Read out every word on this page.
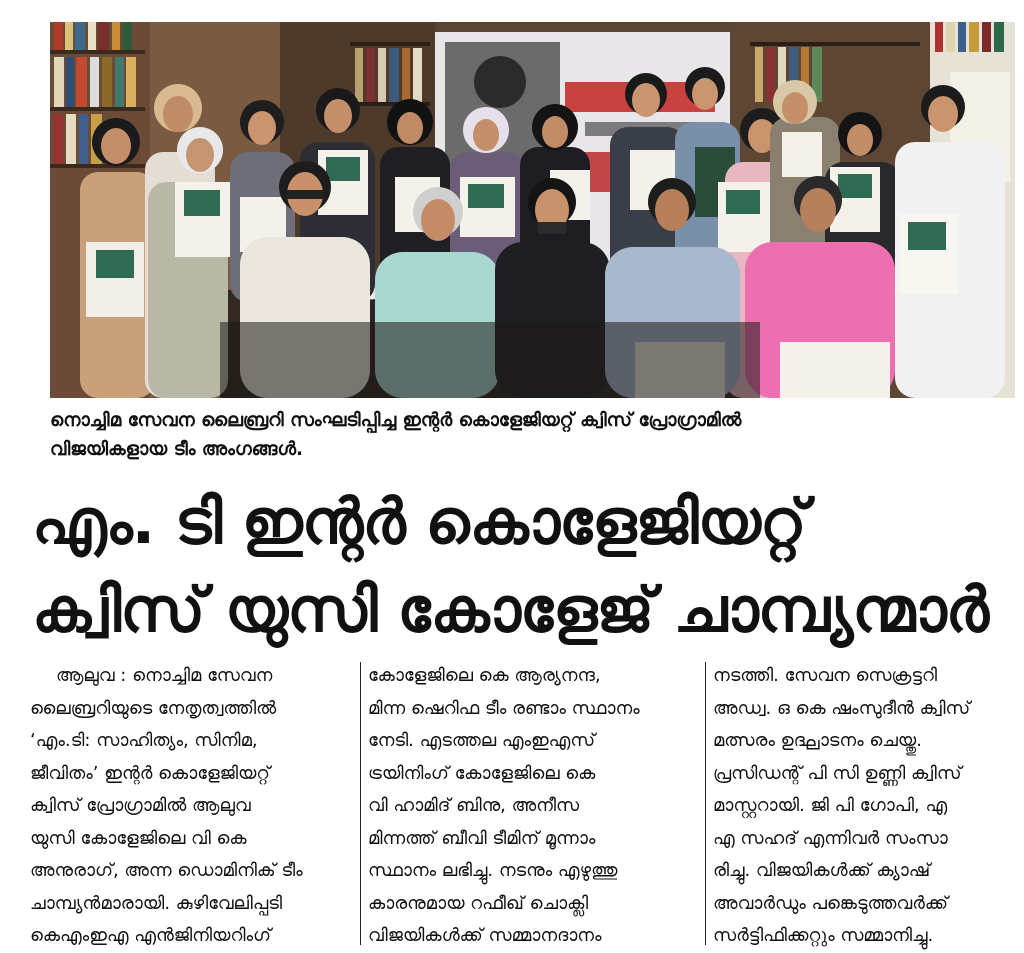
നൊച്ചിമ സേവന ലൈബ്രറി സംഘടിപ്പിച്ച ഇന്റർ കൊളേജിയറ്റ് ക്വിസ് പ്രോഗ്രാമിൽ
വിജയികളായ ടീം അംഗങ്ങൾ.
എം. ടി ഇന്റർ കൊളേജിയറ്റ്
ക്വിസ് യുസി കോളേജ് ചാമ്പ്യന്മാർ
ആലുവ : നൊച്ചിമ സേവന
ലൈബ്രറിയുടെ നേതൃത്വത്തിൽ
‘എം.ടി: സാഹിത്യം, സിനിമ,
ജീവിതം’ ഇന്റർ കൊളേജിയറ്റ്
ക്വിസ് പ്രോഗ്രാമിൽ ആലുവ
യുസി കോളേജിലെ വി കെ
അനുരാഗ്, അന്ന ഡൊമിനിക് ടീം
ചാമ്പ്യൻമാരായി. കുഴിവേലിപ്പടി
കെഎംഇഎ എൻജിനിയറിംഗ്
കോളേജിലെ കെ ആര്യനന്ദ,
മിന്ന ഷെറിഫ ടീം രണ്ടാം സ്ഥാനം
നേടി. എടത്തല എംഇഎസ്
ട്രയിനിംഗ് കോളേജിലെ കെ
വി ഹാമിദ് ബിനു, അനീസ
മിന്നത്ത് ബീവി ടീമിന് മൂന്നാം
സ്ഥാനം ലഭിച്ചു. നടനും എഴുത്തു
കാരനുമായ റഫീഖ് ചൊക്ലി
വിജയികൾക്ക് സമ്മാനദാനം
നടത്തി. സേവന സെക്രട്ടറി
അഡ്വ. ഒ കെ ഷംസുദീൻ ക്വിസ്
മത്സരം ഉദ്ഘാടനം ചെയ്തു.
പ്രസിഡന്റ് പി സി ഉണ്ണി ക്വിസ്
മാസ്റ്ററായി. ജി പി ഗോപി, എ
എ സഹദ് എന്നിവർ സംസാ
രിച്ചു. വിജയികൾക്ക് ക്യാഷ്
അവാർഡും പങ്കെടുത്തവർക്ക്
സർട്ടിഫിക്കറ്റും സമ്മാനിച്ചു.
